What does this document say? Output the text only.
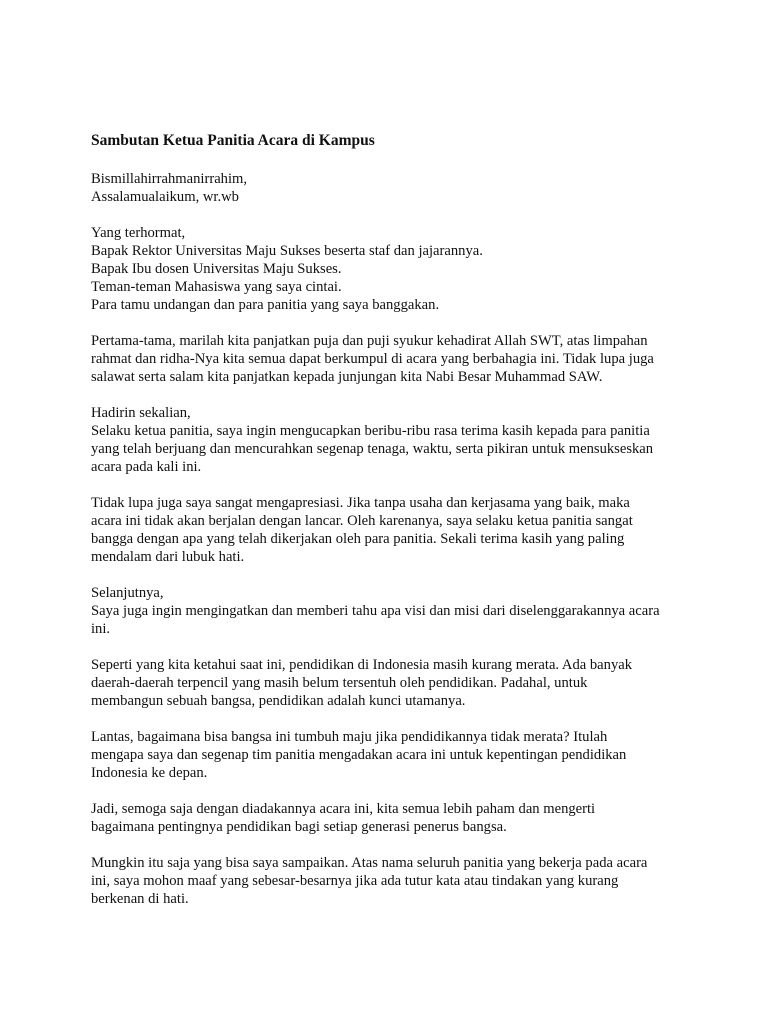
Sambutan Ketua Panitia Acara di Kampus
Bismillahirrahmanirrahim,
Assalamualaikum, wr.wb
Yang terhormat,
Bapak Rektor Universitas Maju Sukses beserta staf dan jajarannya.
Bapak Ibu dosen Universitas Maju Sukses.
Teman-teman Mahasiswa yang saya cintai.
Para tamu undangan dan para panitia yang saya banggakan.
Pertama-tama, marilah kita panjatkan puja dan puji syukur kehadirat Allah SWT, atas limpahan
rahmat dan ridha-Nya kita semua dapat berkumpul di acara yang berbahagia ini. Tidak lupa juga
salawat serta salam kita panjatkan kepada junjungan kita Nabi Besar Muhammad SAW.
Hadirin sekalian,
Selaku ketua panitia, saya ingin mengucapkan beribu-ribu rasa terima kasih kepada para panitia
yang telah berjuang dan mencurahkan segenap tenaga, waktu, serta pikiran untuk mensukseskan
acara pada kali ini.
Tidak lupa juga saya sangat mengapresiasi. Jika tanpa usaha dan kerjasama yang baik, maka
acara ini tidak akan berjalan dengan lancar. Oleh karenanya, saya selaku ketua panitia sangat
bangga dengan apa yang telah dikerjakan oleh para panitia. Sekali terima kasih yang paling
mendalam dari lubuk hati.
Selanjutnya,
Saya juga ingin mengingatkan dan memberi tahu apa visi dan misi dari diselenggarakannya acara
ini.
Seperti yang kita ketahui saat ini, pendidikan di Indonesia masih kurang merata. Ada banyak
daerah-daerah terpencil yang masih belum tersentuh oleh pendidikan. Padahal, untuk
membangun sebuah bangsa, pendidikan adalah kunci utamanya.
Lantas, bagaimana bisa bangsa ini tumbuh maju jika pendidikannya tidak merata? Itulah
mengapa saya dan segenap tim panitia mengadakan acara ini untuk kepentingan pendidikan
Indonesia ke depan.
Jadi, semoga saja dengan diadakannya acara ini, kita semua lebih paham dan mengerti
bagaimana pentingnya pendidikan bagi setiap generasi penerus bangsa.
Mungkin itu saja yang bisa saya sampaikan. Atas nama seluruh panitia yang bekerja pada acara
ini, saya mohon maaf yang sebesar-besarnya jika ada tutur kata atau tindakan yang kurang
berkenan di hati.
